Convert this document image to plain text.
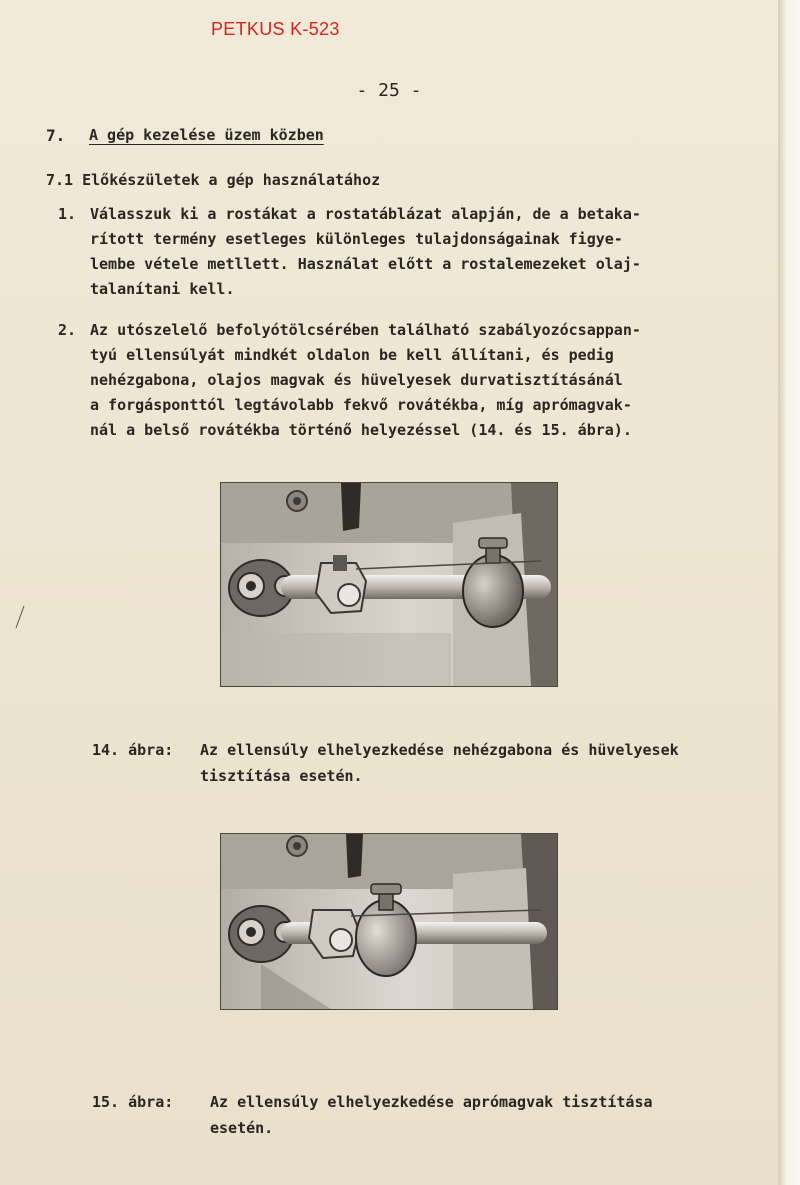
PETKUS K-523
- 25 -
7. A gép kezelése üzem közben
7.1 Előkészületek a gép használatához
1. Válasszuk ki a rostákat a rostatáblázat alapján, de a betaka-
rított termény esetleges különleges tulajdonságainak figye-
lembe vétele metllett. Használat előtt a rostalemezeket olaj-
talanítani kell.
2. Az utószelelő befolyótölcsérében található szabályozócsappan-
tyú ellensúlyát mindkét oldalon be kell állítani, és pedig
nehézgabona, olajos magvak és hüvelyesek durvatisztításánál
a forgásponttól legtávolabb fekvő rovátékba, míg aprómagvak-
nál a belső rovátékba történő helyezéssel (14. és 15. ábra).
14. ábra: Az ellensúly elhelyezkedése nehézgabona és hüvelyesek
tisztítása esetén.
15. ábra: Az ellensúly elhelyezkedése aprómagvak tisztítása
esetén.
